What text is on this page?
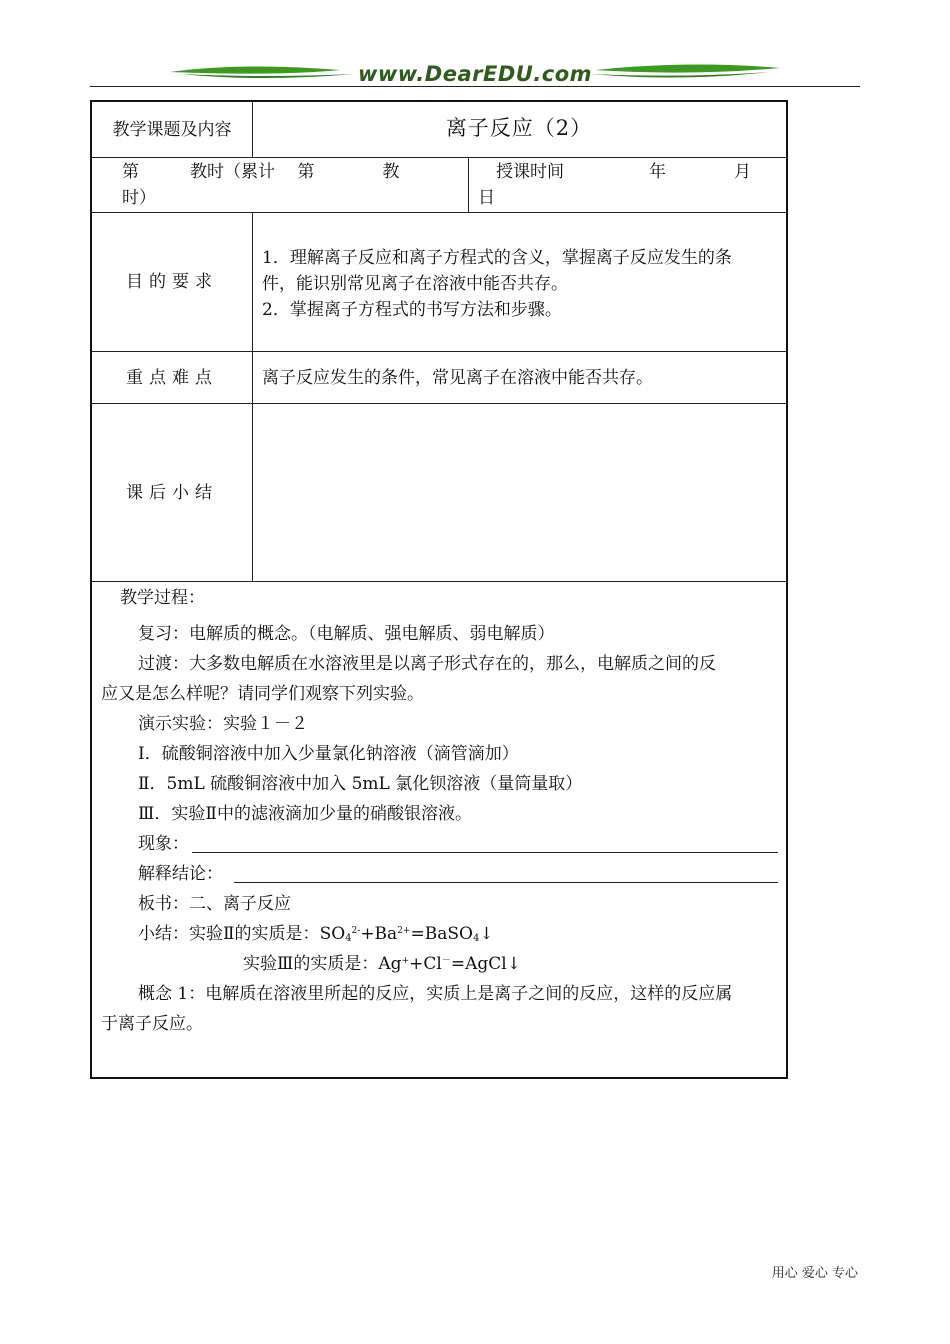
www.DearEDU.com
教学课题及内容	离子反应（2）
第　　　教时（累计　 第　　　　教
时）
授课时间　　　　　年　　　　月
日
目的要求
1．理解离子反应和离子方程式的含义，掌握离子反应发生的条
件，能识别常见离子在溶液中能否共存。
2．掌握离子方程式的书写方法和步骤。
重点难点	离子反应发生的条件，常见离子在溶液中能否共存。
课后小结
教学过程：
复习：电解质的概念。（电解质、强电解质、弱电解质）
过渡：大多数电解质在水溶液里是以离子形式存在的，那么，电解质之间的反
应又是怎么样呢？请同学们观察下列实验。
演示实验：实验１－２
Ⅰ．硫酸铜溶液中加入少量氯化钠溶液（滴管滴加）
Ⅱ．5mL 硫酸铜溶液中加入 5mL 氯化钡溶液（量筒量取）
Ⅲ．实验Ⅱ中的滤液滴加少量的硝酸银溶液。
现象：
解释结论：
板书：二、离子反应
小结：实验Ⅱ的实质是：$SO_4^{2-}+Ba^{2+}=BaSO_4↓$
实验Ⅲ的实质是：Ag++Cl－=AgCl↓
概念 1：电解质在溶液里所起的反应，实质上是离子之间的反应，这样的反应属
于离子反应。
用心 爱心 专心
